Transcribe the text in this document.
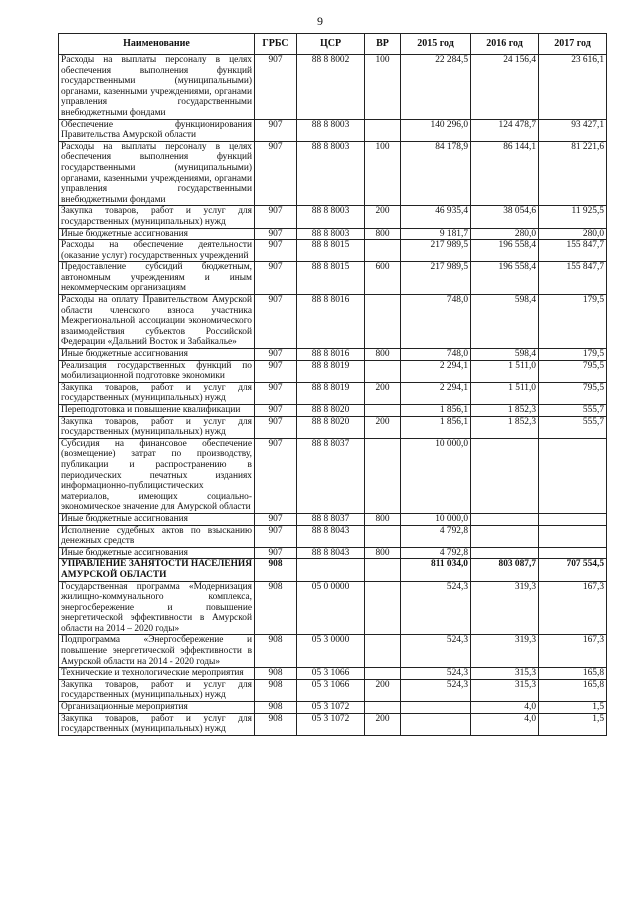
9
Наименование	ГРБС	ЦСР	ВР	2015 год	2016 год	2017 год
Расходы на выплаты персоналу в целях обеспечения выполнения функций государственными (муниципальными) органами, казенными учреждениями, органами управления государственными внебюджетными фондами	907	88 8 8002	100	22 284,5	24 156,4	23 616,1
Обеспечение функционирования Правительства Амурской области	907	88 8 8003		140 296,0	124 478,7	93 427,1
Расходы на выплаты персоналу в целях обеспечения выполнения функций государственными (муниципальными) органами, казенными учреждениями, органами управления государственными внебюджетными фондами	907	88 8 8003	100	84 178,9	86 144,1	81 221,6
Закупка товаров, работ и услуг для государственных (муниципальных) нужд	907	88 8 8003	200	46 935,4	38 054,6	11 925,5
Иные бюджетные ассигнования	907	88 8 8003	800	9 181,7	280,0	280,0
Расходы на обеспечение деятельности (оказание услуг) государственных учреждений	907	88 8 8015		217 989,5	196 558,4	155 847,7
Предоставление субсидий бюджетным, автономным учреждениям и иным некоммерческим организациям	907	88 8 8015	600	217 989,5	196 558,4	155 847,7
Расходы на оплату Правительством Амурской области членского взноса участника Межрегиональной ассоциации экономического взаимодействия субъектов Российской Федерации «Дальний Восток и Забайкалье»	907	88 8 8016		748,0	598,4	179,5
Иные бюджетные ассигнования	907	88 8 8016	800	748,0	598,4	179,5
Реализация государственных функций по мобилизационной подготовке экономики	907	88 8 8019		2 294,1	1 511,0	795,5
Закупка товаров, работ и услуг для государственных (муниципальных) нужд	907	88 8 8019	200	2 294,1	1 511,0	795,5
Переподготовка и повышение квалификации	907	88 8 8020		1 856,1	1 852,3	555,7
Закупка товаров, работ и услуг для государственных (муниципальных) нужд	907	88 8 8020	200	1 856,1	1 852,3	555,7
Субсидия на финансовое обеспечение (возмещение) затрат по производству, публикации и распространению в периодических печатных изданиях информационно-публицистических материалов, имеющих социально-экономическое значение для Амурской области	907	88 8 8037		10 000,0		
Иные бюджетные ассигнования	907	88 8 8037	800	10 000,0		
Исполнение судебных актов по взысканию денежных средств	907	88 8 8043		4 792,8		
Иные бюджетные ассигнования	907	88 8 8043	800	4 792,8		
УПРАВЛЕНИЕ ЗАНЯТОСТИ НАСЕЛЕНИЯ АМУРСКОЙ ОБЛАСТИ	908			811 034,0	803 087,7	707 554,5
Государственная программа «Модернизация жилищно-коммунального комплекса, энергосбережение и повышение энергетической эффективности в Амурской области на 2014 – 2020 годы»	908	05 0 0000		524,3	319,3	167,3
Подпрограмма «Энергосбережение и повышение энергетической эффективности в Амурской области на 2014 - 2020 годы»	908	05 3 0000		524,3	319,3	167,3
Технические и технологические мероприятия	908	05 3 1066		524,3	315,3	165,8
Закупка товаров, работ и услуг для государственных (муниципальных) нужд	908	05 3 1066	200	524,3	315,3	165,8
Организационные мероприятия	908	05 3 1072			4,0	1,5
Закупка товаров, работ и услуг для государственных (муниципальных) нужд	908	05 3 1072	200		4,0	1,5
